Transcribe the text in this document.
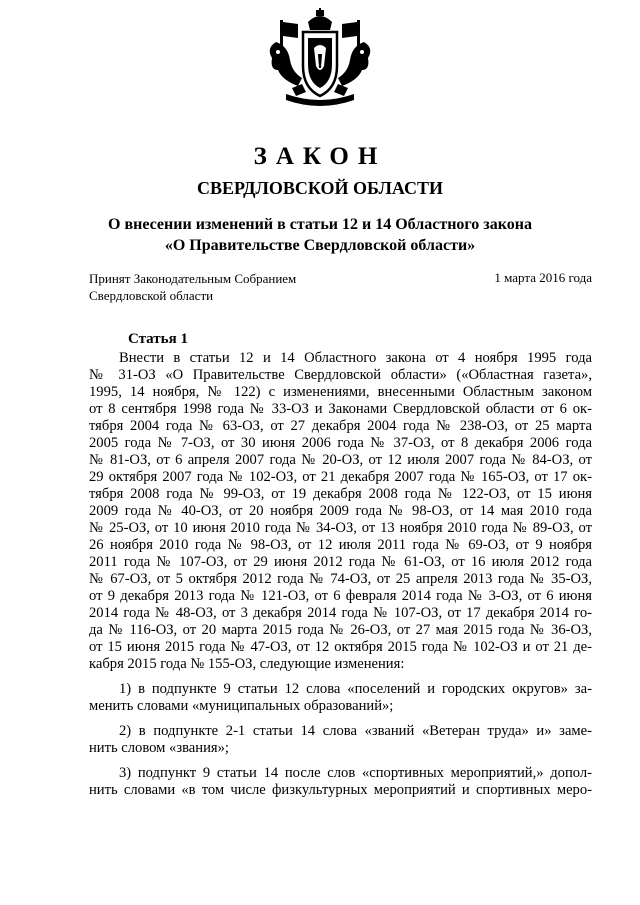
ЗАКОН
СВЕРДЛОВСКОЙ ОБЛАСТИ
О внесении изменений в статьи 12 и 14 Областного закона
«О Правительстве Свердловской области»
Принят Законодательным Собранием
Свердловской области
1 марта 2016 года
Статья 1
Внести в статьи 12 и 14 Областного закона от 4 ноября 1995 года
№ 31-ОЗ «О Правительстве Свердловской области» («Областная газета»,
1995, 14 ноября, № 122) с изменениями, внесенными Областным законом
от 8 сентября 1998 года № 33-ОЗ и Законами Свердловской области от 6 ок-
тября 2004 года № 63-ОЗ, от 27 декабря 2004 года № 238-ОЗ, от 25 марта
2005 года № 7-ОЗ, от 30 июня 2006 года № 37-ОЗ, от 8 декабря 2006 года
№ 81-ОЗ, от 6 апреля 2007 года № 20-ОЗ, от 12 июля 2007 года № 84-ОЗ, от
29 октября 2007 года № 102-ОЗ, от 21 декабря 2007 года № 165-ОЗ, от 17 ок-
тября 2008 года № 99-ОЗ, от 19 декабря 2008 года № 122-ОЗ, от 15 июня
2009 года № 40-ОЗ, от 20 ноября 2009 года № 98-ОЗ, от 14 мая 2010 года
№ 25-ОЗ, от 10 июня 2010 года № 34-ОЗ, от 13 ноября 2010 года № 89-ОЗ, от
26 ноября 2010 года № 98-ОЗ, от 12 июля 2011 года № 69-ОЗ, от 9 ноября
2011 года № 107-ОЗ, от 29 июня 2012 года № 61-ОЗ, от 16 июля 2012 года
№ 67-ОЗ, от 5 октября 2012 года № 74-ОЗ, от 25 апреля 2013 года № 35-ОЗ,
от 9 декабря 2013 года № 121-ОЗ, от 6 февраля 2014 года № 3-ОЗ, от 6 июня
2014 года № 48-ОЗ, от 3 декабря 2014 года № 107-ОЗ, от 17 декабря 2014 го-
да № 116-ОЗ, от 20 марта 2015 года № 26-ОЗ, от 27 мая 2015 года № 36-ОЗ,
от 15 июня 2015 года № 47-ОЗ, от 12 октября 2015 года № 102-ОЗ и от 21 де-
кабря 2015 года № 155-ОЗ, следующие изменения:
1) в подпункте 9 статьи 12 слова «поселений и городских округов» за-
менить словами «муниципальных образований»;
2) в подпункте 2-1 статьи 14 слова «званий «Ветеран труда» и» заме-
нить словом «звания»;
3) подпункт 9 статьи 14 после слов «спортивных мероприятий,» допол-
нить словами «в том числе физкультурных мероприятий и спортивных меро-
